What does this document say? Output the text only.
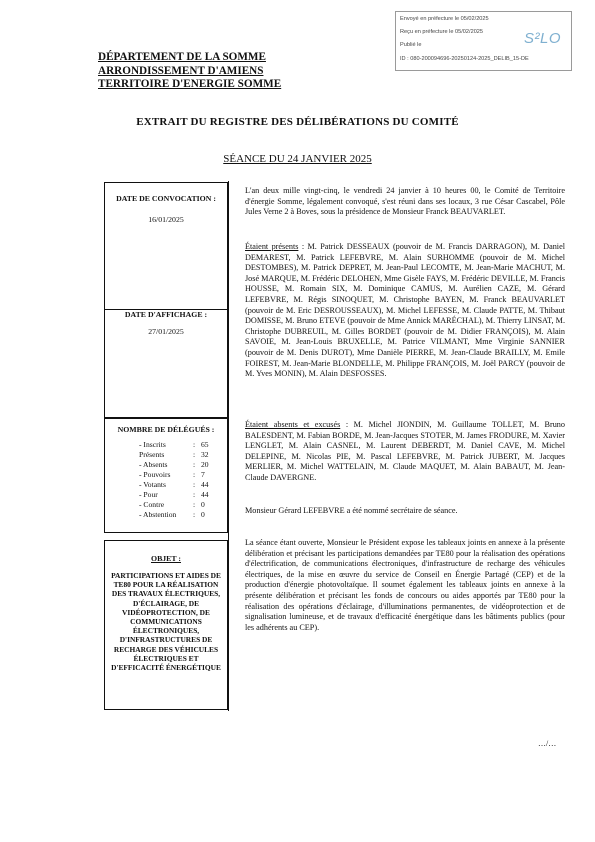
Envoyé en préfecture le 05/02/2025
Reçu en préfecture le 05/02/2025
Publié le
ID : 080-200094696-20250124-2025_DELIB_15-DE
S²LO
DÉPARTEMENT DE LA SOMME
ARRONDISSEMENT D'AMIENS
TERRITOIRE D'ENERGIE SOMME
EXTRAIT DU REGISTRE DES DÉLIBÉRATIONS DU COMITÉ
SÉANCE DU 24 JANVIER 2025
DATE DE CONVOCATION :
16/01/2025
DATE D'AFFICHAGE :
27/01/2025
NOMBRE DE DÉLÉGUÉS :
- Inscrits	: 65
Présents	: 32
- Absents	: 20
- Pouvoirs	: 7
- Votants	: 44
- Pour	: 44
- Contre	: 0
- Abstention : 0
OBJET :
PARTICIPATIONS ET AIDES DE TE80 POUR LA RÉALISATION DES TRAVAUX ÉLECTRIQUES, D'ÉCLAIRAGE, DE VIDÉOPROTECTION, DE COMMUNICATIONS ÉLECTRONIQUES, D'INFRASTRUCTURES DE RECHARGE DES VÉHICULES ÉLECTRIQUES ET D'EFFICACITÉ ÉNERGÉTIQUE

L'an deux mille vingt-cinq, le vendredi 24 janvier à 10 heures 00, le Comité de Territoire d'énergie Somme, légalement convoqué, s'est réuni dans ses locaux, 3 rue César Cascabel, Pôle Jules Verne 2 à Boves, sous la présidence de Monsieur Franck BEAUVARLET.

Étaient présents : M. Patrick DESSEAUX (pouvoir de M. Francis DARRAGON), M. Daniel DEMAREST, M. Patrick LEFEBVRE, M. Alain SURHOMME (pouvoir de M. Michel DESTOMBES), M. Patrick DEPRET, M. Jean-Paul LECOMTE, M. Jean-Marie MACHUT, M. José MARQUE, M. Frédéric DELOHEN, Mme Gisèle FAYS, M. Frédéric DEVILLE, M. Francis HOUSSE, M. Romain SIX, M. Dominique CAMUS, M. Aurélien CAZE, M. Gérard LEFEBVRE, M. Régis SINOQUET, M. Christophe BAYEN, M. Franck BEAUVARLET (pouvoir de M. Eric DESROUSSEAUX), M. Michel LEFESSE, M. Claude PATTE, M. Thibaut DOMISSE, M. Bruno ETEVE (pouvoir de Mme Annick MARÉCHAL), M. Thierry LINSAT, M. Christophe DUBREUIL, M. Gilles BORDET (pouvoir de M. Didier FRANÇOIS), M. Alain SAVOIE, M. Jean-Louis BRUXELLE, M. Patrice VILMANT, Mme Virginie SANNIER (pouvoir de M. Denis DUROT), Mme Danièle PIERRE, M. Jean-Claude BRAILLY, M. Emile FOIREST, M. Jean-Marie BLONDELLE, M. Philippe FRANÇOIS, M. Joël PARCY (pouvoir de M. Yves MONIN), M. Alain DESFOSSES.

Étaient absents et excusés : M. Michel JIONDIN, M. Guillaume TOLLET, M. Bruno BALESDENT, M. Fabian BORDE, M. Jean-Jacques STOTER, M. James FRODURE, M. Xavier LENGLET, M. Alain CASNEL, M. Laurent DEBERDT, M. Daniel CAVE, M. Michel DELEPINE, M. Nicolas PIE, M. Pascal LEFEBVRE, M. Patrick JUBERT, M. Jacques MERLIER, M. Michel WATTELAIN, M. Claude MAQUET, M. Alain BABAUT, M. Jean-Claude DAVERGNE.

Monsieur Gérard LEFEBVRE a été nommé secrétaire de séance.

La séance étant ouverte, Monsieur le Président expose les tableaux joints en annexe à la présente délibération et précisant les participations demandées par TE80 pour la réalisation des opérations d'électrification, de communications électroniques, d'infrastructure de recharge des véhicules électriques, de la mise en œuvre du service de Conseil en Énergie Partagé (CEP) et de la production d'énergie photovoltaïque. Il soumet également les tableaux joints en annexe à la présente délibération et précisant les fonds de concours ou aides apportés par TE80 pour la réalisation des opérations d'éclairage, d'illuminations permanentes, de vidéoprotection et de signalisation lumineuse, et de travaux d'efficacité énergétique dans les bâtiments publics (pour les adhérents au CEP).

…/…
